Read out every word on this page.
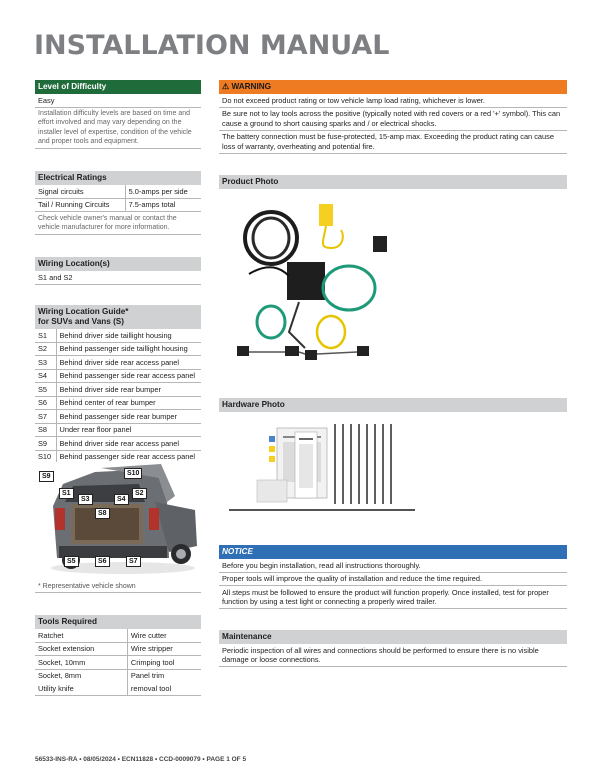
INSTALLATION MANUAL
Level of Difficulty
Easy
Installation difficulty levels are based on time and effort involved and may vary depending on the installer level of expertise, condition of the vehicle and proper tools and equipment.
Electrical Ratings
Signal circuits	5.0-amps per side
Tail / Running Circuits	7.5-amps total
Check vehicle owner's manual or contact the vehicle manufacturer for more information.
Wiring Location(s)
S1 and S2
Wiring Location Guide*
for SUVs and Vans (S)
S1	Behind driver side taillight housing
S2	Behind passenger side taillight housing
S3	Behind driver side rear access panel
S4	Behind passenger side rear access panel
S5	Behind driver side rear bumper
S6	Behind center of rear bumper
S7	Behind passenger side rear bumper
S8	Under rear floor panel
S9	Behind driver side rear access panel
S10	Behind passenger side rear access panel
S9	S10
S1
S3	S4
S2
S8
S5	S6	S7
* Representative vehicle shown
Tools Required
Ratchet	Wire cutter
Socket extension	Wire stripper
Socket, 10mm	Crimping tool
Socket, 8mm	Panel trim
Utility knife	removal tool
⚠ WARNING
Do not exceed product rating or tow vehicle lamp load rating, whichever is lower.
Be sure not to lay tools across the positive (typically noted with red covers or a red '+' symbol). This can cause a ground to short causing sparks and / or electrical shocks.
The battery connection must be fuse-protected, 15-amp max. Exceeding the product rating can cause loss of warranty, overheating and potential fire.
Product Photo
Hardware Photo
NOTICE
Before you begin installation, read all instructions thoroughly.
Proper tools will improve the quality of installation and reduce the time required.
All steps must be followed to ensure the product will function properly. Once installed, test for proper function by using a test light or connecting a properly wired trailer.
Maintenance
Periodic inspection of all wires and connections should be performed to ensure there is no visible damage or loose connections.
56533-INS-RA • 08/05/2024 • ECN11828 • CCD-0009079 • PAGE 1 OF 5
